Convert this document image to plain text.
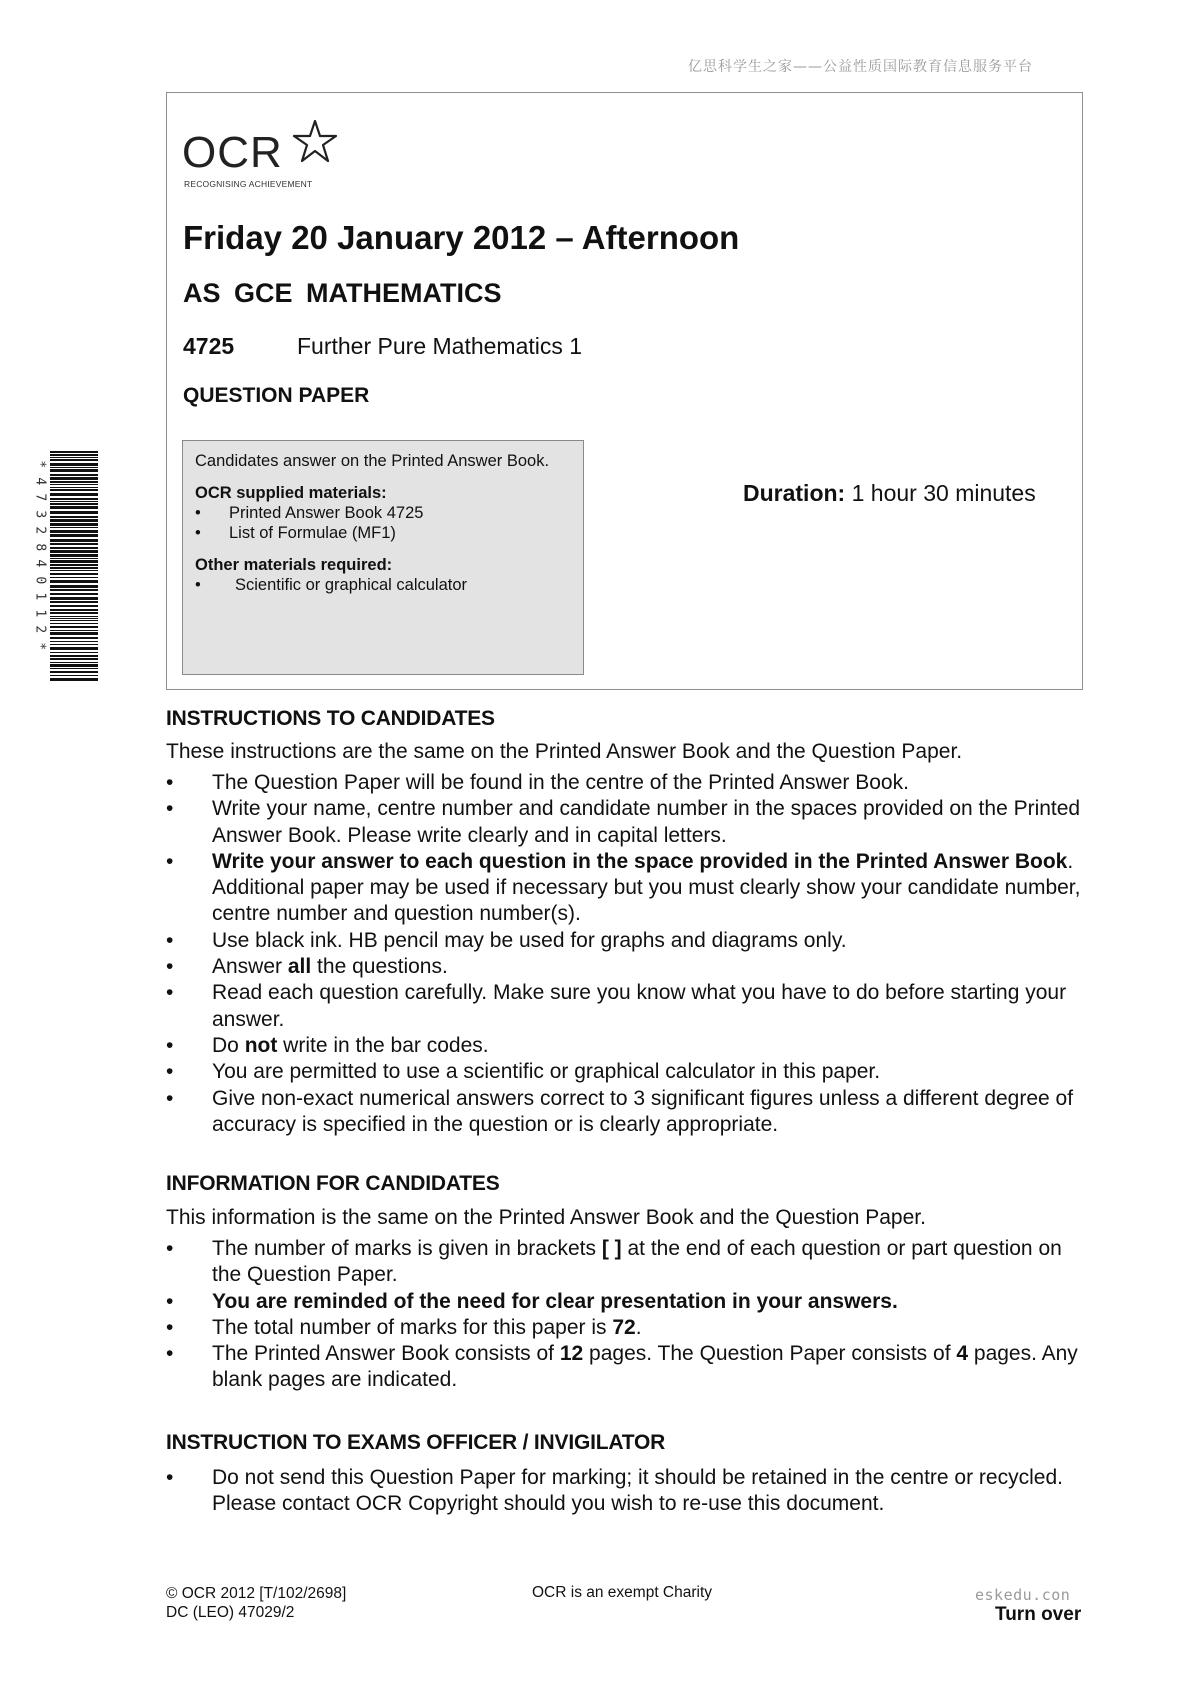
亿思科学生之家——公益性质国际教育信息服务平台
OCR
RECOGNISING ACHIEVEMENT
Friday 20 January 2012 – Afternoon
AS GCE MATHEMATICS
4725	Further Pure Mathematics 1
QUESTION PAPER
Candidates answer on the Printed Answer Book.
OCR supplied materials:
• Printed Answer Book 4725
• List of Formulae (MF1)
Other materials required:
• Scientific or graphical calculator
Duration: 1 hour 30 minutes
*
4
7
3
2
8
4
0
1
1
2
*
INSTRUCTIONS TO CANDIDATES
These instructions are the same on the Printed Answer Book and the Question Paper.
• The Question Paper will be found in the centre of the Printed Answer Book.
• Write your name, centre number and candidate number in the spaces provided on the Printed Answer Book. Please write clearly and in capital letters.
• Write your answer to each question in the space provided in the Printed Answer Book. Additional paper may be used if necessary but you must clearly show your candidate number, centre number and question number(s).
• Use black ink. HB pencil may be used for graphs and diagrams only.
• Answer all the questions.
• Read each question carefully. Make sure you know what you have to do before starting your answer.
• Do not write in the bar codes.
• You are permitted to use a scientific or graphical calculator in this paper.
• Give non-exact numerical answers correct to 3 significant figures unless a different degree of accuracy is specified in the question or is clearly appropriate.
INFORMATION FOR CANDIDATES
This information is the same on the Printed Answer Book and the Question Paper.
• The number of marks is given in brackets [ ] at the end of each question or part question on the Question Paper.
• You are reminded of the need for clear presentation in your answers.
• The total number of marks for this paper is 72.
• The Printed Answer Book consists of 12 pages. The Question Paper consists of 4 pages. Any blank pages are indicated.
INSTRUCTION TO EXAMS OFFICER / INVIGILATOR
• Do not send this Question Paper for marking; it should be retained in the centre or recycled. Please contact OCR Copyright should you wish to re-use this document.
© OCR 2012 [T/102/2698]
DC (LEO) 47029/2
OCR is an exempt Charity	eskedu.con
Turn over
